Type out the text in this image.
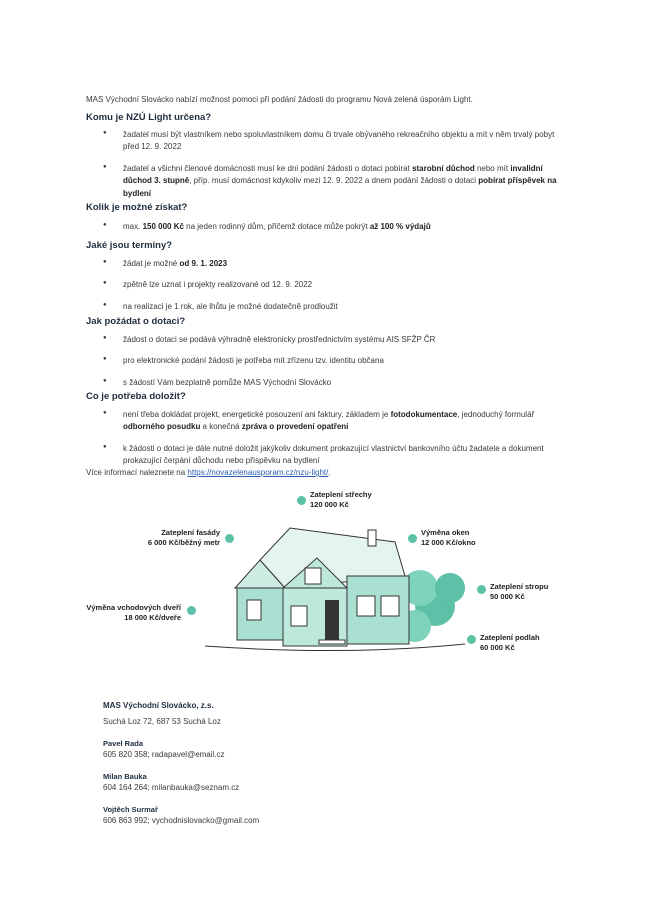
MAS Východní Slovácko nabízí možnost pomoci při podání žádosti do programu Nová zelená úsporám Light.
Komu je NZÚ Light určena?
● žadatel musí být vlastníkem nebo spoluvlastníkem domu či trvale obývaného rekreačního objektu a mít v něm trvalý pobyt před 12. 9. 2022
● žadatel a všichni členové domácnosti musí ke dni podání žádosti o dotaci pobírat starobní důchod nebo mít invalidní důchod 3. stupně, příp. musí domácnost kdykoliv mezi 12. 9. 2022 a dnem podání žádosti o dotaci pobírat příspěvek na bydlení
Kolik je možné získat?
● max. 150 000 Kč na jeden rodinný dům, přičemž dotace může pokrýt až 100 % výdajů
Jaké jsou termíny?
● žádat je možné od 9. 1. 2023
● zpětně lze uznat i projekty realizované od 12. 9. 2022
● na realizaci je 1 rok, ale lhůtu je možné dodatečně prodloužit
Jak požádat o dotaci?
● žádost o dotaci se podává výhradně elektronicky prostřednictvím systému AIS SFŽP ČR
● pro elektronické podání žádosti je potřeba mít zřízenu tzv. identitu občana
● s žádostí Vám bezplatně pomůže MAS Východní Slovácko
Co je potřeba doložit?
● není třeba dokládat projekt, energetické posouzení ani faktury, základem je fotodokumentace, jednoduchý formulář odborného posudku a konečná zpráva o provedení opatření
● k žádosti o dotaci je dále nutné doložit jakýkoliv dokument prokazující vlastnictví bankovního účtu žadatele a dokument prokazující čerpání důchodu nebo příspěvku na bydlení
Více informací naleznete na https://novazelenausporam.cz/nzu-light/.
Zateplení střechy
120 000 Kč
Zateplení fasády
6 000 Kč/běžný metr
Výměna oken
12 000 Kč/okno
Zateplení stropu
50 000 Kč
Výměna vchodových dveří
18 000 Kč/dveře
Zateplení podlah
60 000 Kč
MAS Východní Slovácko, z.s.
Suchá Loz 72, 687 53 Suchá Loz
Pavel Rada
605 820 358; radapavel@email.cz
Milan Bauka
604 164 264; milanbauka@seznam.cz
Vojtěch Surmař
606 863 992; vychodnislovacko@gmail.com
